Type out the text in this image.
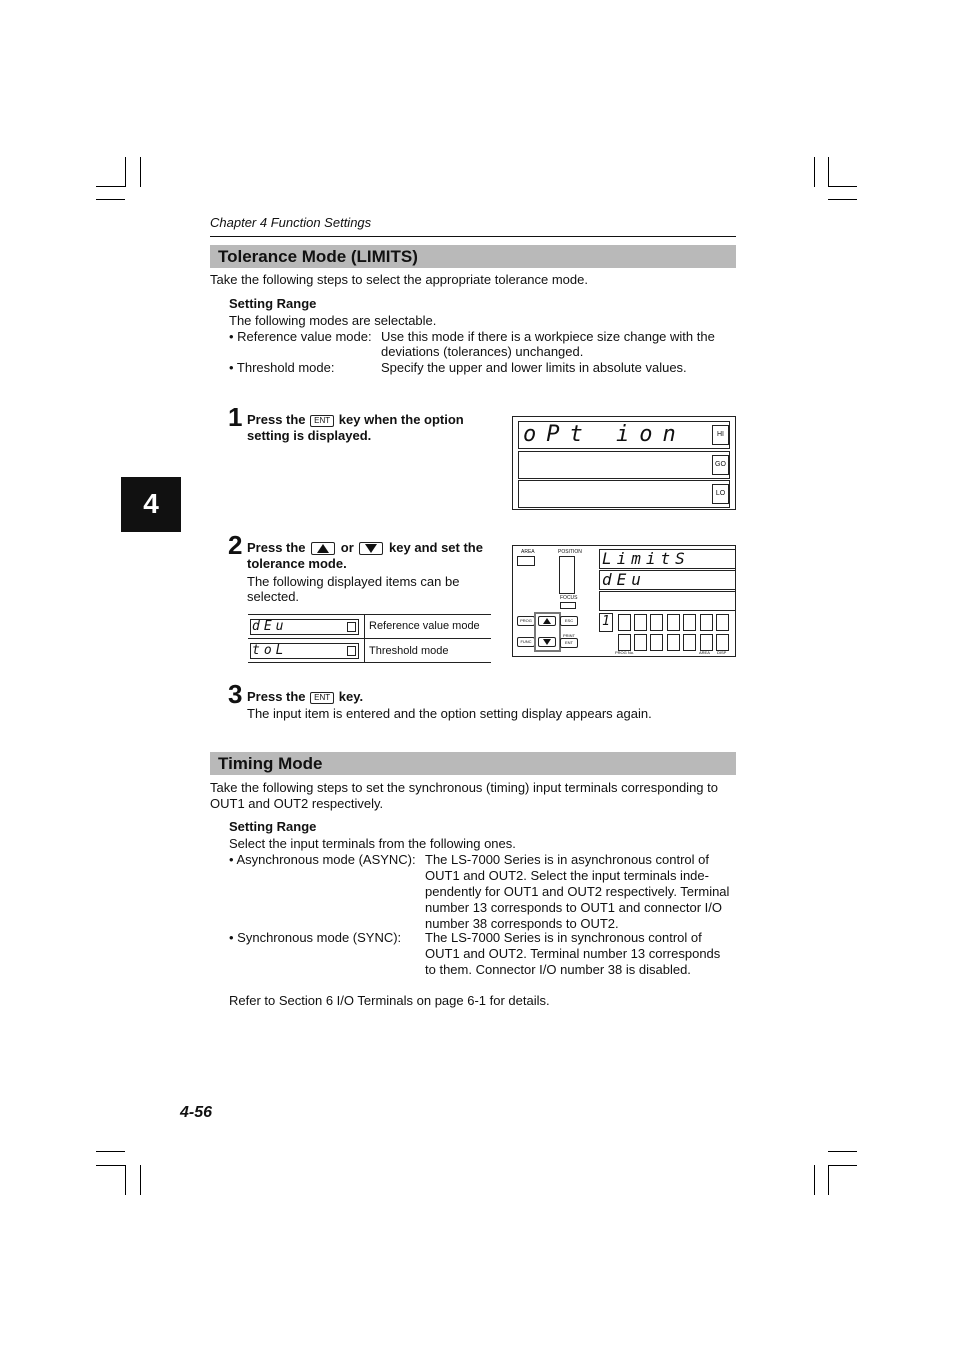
4
Chapter 4 Function Settings
Tolerance Mode (LIMITS)
Take the following steps to select the appropriate tolerance mode.
Setting Range
The following modes are selectable.
• Reference value mode: Use this mode if there is a workpiece size change with the
deviations (tolerances) unchanged.
• Threshold mode:	Specify the upper and lower limits in absolute values.
1 Press the ENT key when the option
setting is displayed.	oPt ion	HI
GO
LO
2 Press the	or	key and set the
tolerance mode.
The following displayed items can be
selected.
dEu	Reference value mode
toL	Threshold mode
AREA	POSITION
FOCUS
PROG
FUNC
ESC
PRINT
ENT
LimitS
dEu
1
PROG No.	AREA DISP
3 Press the ENT key.
The input item is entered and the option setting display appears again.
Timing Mode
Take the following steps to set the synchronous (timing) input terminals corresponding to
OUT1 and OUT2 respectively.
Setting Range
Select the input terminals from the following ones.
• Asynchronous mode (ASYNC): The LS-7000 Series is in asynchronous control of
OUT1 and OUT2. Select the input terminals inde-
pendently for OUT1 and OUT2 respectively. Terminal
number 13 corresponds to OUT1 and connector I/O
number 38 corresponds to OUT2.
• Synchronous mode (SYNC): The LS-7000 Series is in synchronous control of
OUT1 and OUT2. Terminal number 13 corresponds
to them. Connector I/O number 38 is disabled.
Refer to Section 6 I/O Terminals on page 6-1 for details.
4-56
